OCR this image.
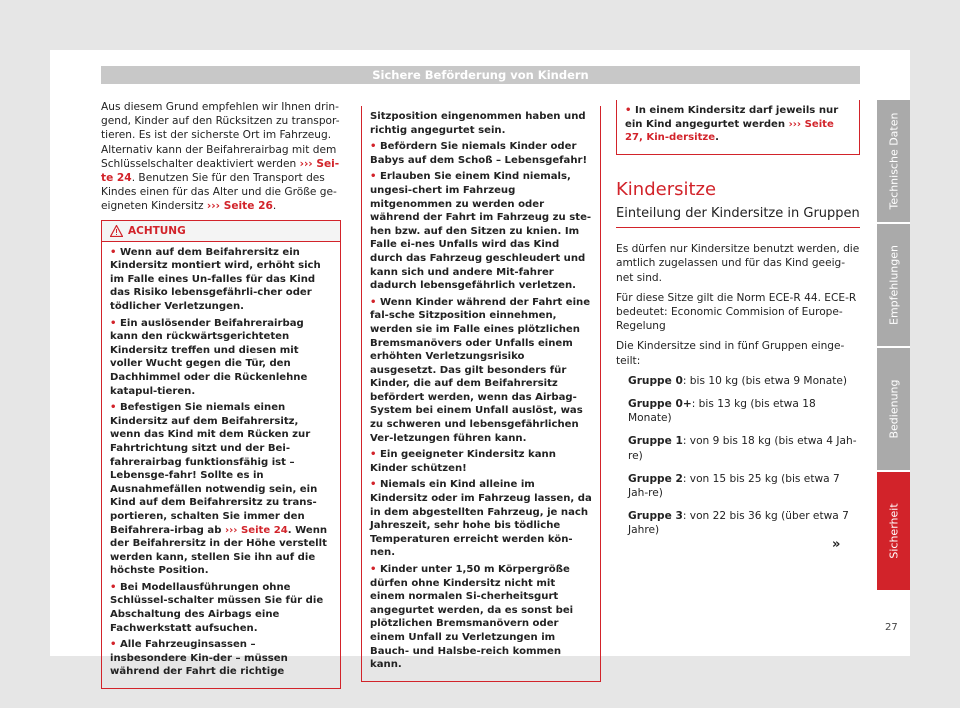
Sichere Beförderung von Kindern

Aus diesem Grund empfehlen wir Ihnen drin- gend, Kinder auf den Rücksitzen zu transpor- tieren. Es ist der sicherste Ort im Fahrzeug. Alternativ kann der Beifahrerairbag mit dem Schlüsselschalter deaktiviert werden ››› Sei-te 24. Benutzen Sie für den Transport des Kindes einen für das Alter und die Größe ge-eigneten Kindersitz ››› Seite 26.

ACHTUNG
• Wenn auf dem Beifahrersitz ein Kindersitz montiert wird, erhöht sich im Falle eines Un-falles für das Kind das Risiko lebensgefährli-cher oder tödlicher Verletzungen.
• Ein auslösender Beifahrerairbag kann den rückwärtsgerichteten Kindersitz treffen und diesen mit voller Wucht gegen die Tür, den Dachhimmel oder die Rückenlehne katapul-tieren.
• Befestigen Sie niemals einen Kindersitz auf dem Beifahrersitz, wenn das Kind mit dem Rücken zur Fahrtrichtung sitzt und der Bei-fahrerairbag funktionsfähig ist – Lebensge-fahr! Sollte es in Ausnahmefällen notwendig sein, ein Kind auf dem Beifahrersitz zu trans-portieren, schalten Sie immer den Beifahrera-irbag ab ››› Seite 24. Wenn der Beifahrersitz in der Höhe verstellt werden kann, stellen Sie ihn auf die höchste Position.
• Bei Modellausführungen ohne Schlüssel-schalter müssen Sie für die Abschaltung des Airbags eine Fachwerkstatt aufsuchen.
• Alle Fahrzeuginsassen – insbesondere Kin-der – müssen während der Fahrt die richtige
Sitzposition eingenommen haben und richtig angegurtet sein.
• Befördern Sie niemals Kinder oder Babys auf dem Schoß – Lebensgefahr!
• Erlauben Sie einem Kind niemals, ungesi-chert im Fahrzeug mitgenommen zu werden oder während der Fahrt im Fahrzeug zu ste-hen bzw. auf den Sitzen zu knien. Im Falle ei-nes Unfalls wird das Kind durch das Fahrzeug geschleudert und kann sich und andere Mit-fahrer dadurch lebensgefährlich verletzen.
• Wenn Kinder während der Fahrt eine fal-sche Sitzposition einnehmen, werden sie im Falle eines plötzlichen Bremsmanövers oder Unfalls einem erhöhten Verletzungsrisiko ausgesetzt. Das gilt besonders für Kinder, die auf dem Beifahrersitz befördert werden, wenn das Airbag-System bei einem Unfall auslöst, was zu schweren und lebensgefährlichen Ver-letzungen führen kann.
• Ein geeigneter Kindersitz kann Kinder schützen!
• Niemals ein Kind alleine im Kindersitz oder im Fahrzeug lassen, da in dem abgestellten Fahrzeug, je nach Jahreszeit, sehr hohe bis tödliche Temperaturen erreicht werden kön-nen.
• Kinder unter 1,50 m Körpergröße dürfen ohne Kindersitz nicht mit einem normalen Si-cherheitsgurt angegurtet werden, da es sonst bei plötzlichen Bremsmanövern oder einem Unfall zu Verletzungen im Bauch- und Halsbe-reich kommen kann.
• In einem Kindersitz darf jeweils nur ein Kind angegurtet werden ››› Seite 27, Kin-dersitze.
Kindersitze
Einteilung der Kindersitze in Gruppen

Es dürfen nur Kindersitze benutzt werden, die amtlich zugelassen und für das Kind geeig-net sind.

Für diese Sitze gilt die Norm ECE-R 44. ECE-R bedeutet: Economic Commision of Europe-Regelung

Die Kindersitze sind in fünf Gruppen einge-teilt:

Gruppe 0: bis 10 kg (bis etwa 9 Monate)
Gruppe 0+: bis 13 kg (bis etwa 18 Monate)
Gruppe 1: von 9 bis 18 kg (bis etwa 4 Jah-re)
Gruppe 2: von 15 bis 25 kg (bis etwa 7 Jah-re)
Gruppe 3: von 22 bis 36 kg (über etwa 7 Jahre)
»
Technische Daten
Empfehlungen
Bedienung
Sicherheit
27
